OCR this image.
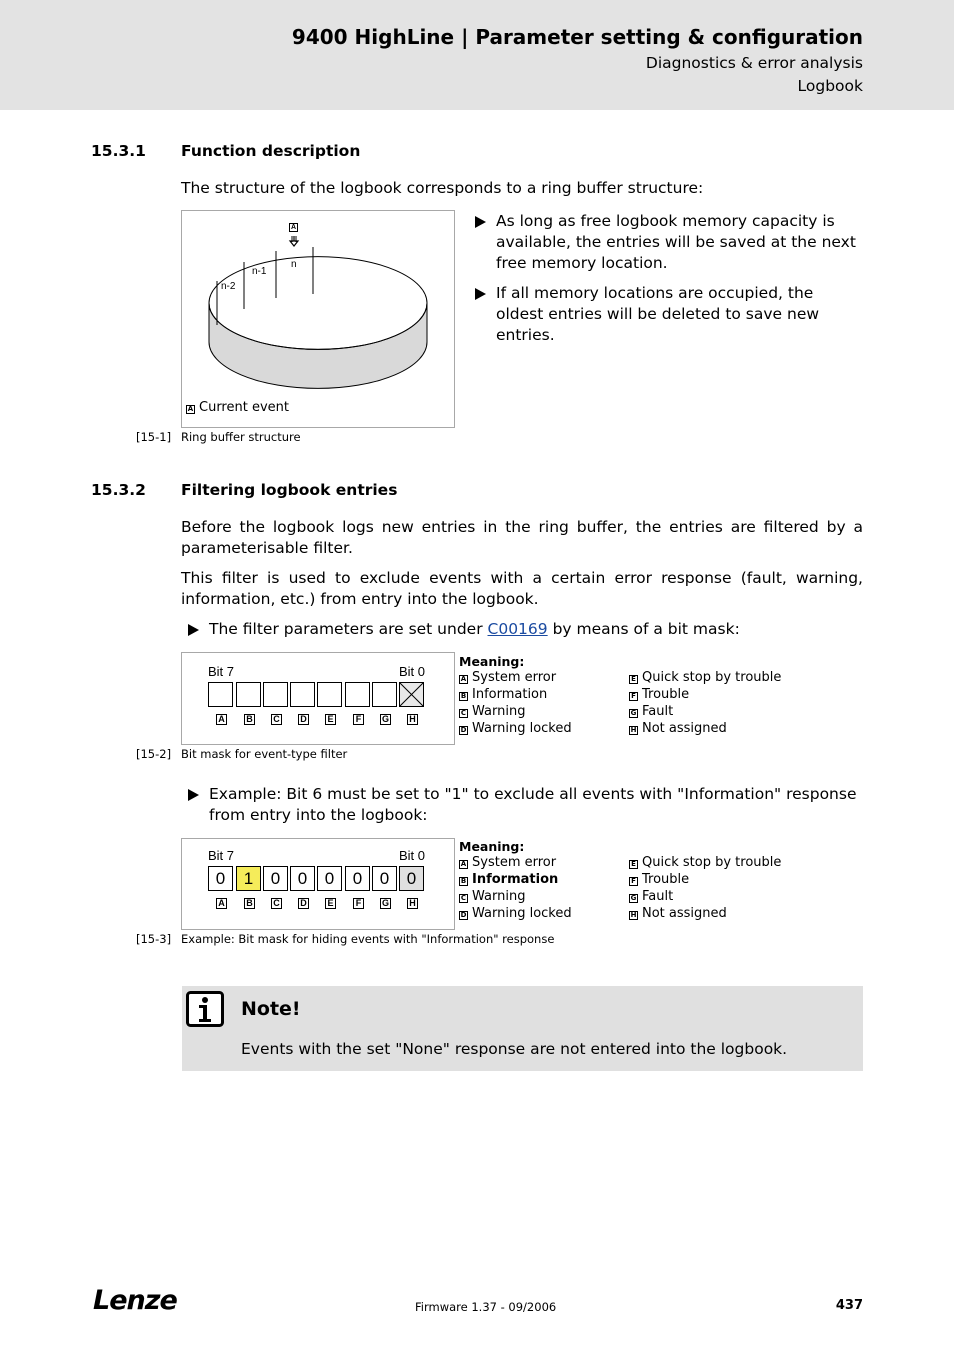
9400 HighLine | Parameter setting & configuration
Diagnostics & error analysis
Logbook
15.3.1 Function description
The structure of the logbook corresponds to a ring buffer structure:
A
n-2
n-1
n
A Current event
As long as free logbook memory capacity is available, the entries will be saved at the next free memory location.
If all memory locations are occupied, the oldest entries will be deleted to save new entries.
[15-1] Ring buffer structure
15.3.2 Filtering logbook entries
Before the logbook logs new entries in the ring buffer, the entries are filtered by a parameterisable filter.
This filter is used to exclude events with a certain error response (fault, warning, information, etc.) from entry into the logbook.
The filter parameters are set under C00169 by means of a bit mask:
Bit 7	Bit 0
A B C D E	F	G H
Meaning:
A System error
B Information
C Warning
D Warning locked
E Quick stop by trouble
F Trouble
G Fault
H Not assigned
[15-2] Bit mask for event-type filter
Example: Bit 6 must be set to "1" to exclude all events with "Information" response from entry into the logbook:
Bit 7	Bit 0
0	1	0	0	0	0	0	0
A B C D E	F	G H
Meaning:
A System error
B Information
C Warning
D Warning locked
E Quick stop by trouble
F Trouble
G Fault
H Not assigned
[15-3] Example: Bit mask for hiding events with "Information" response
Note!
Events with the set "None" response are not entered into the logbook.
Lenze	Firmware 1.37 - 09/2006	437
